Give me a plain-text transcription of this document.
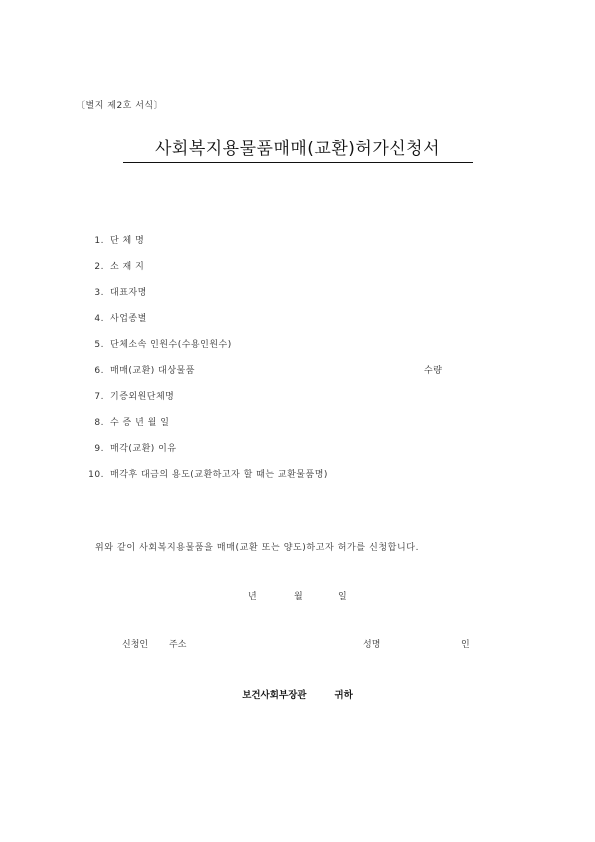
〔별지 제2호 서식〕
사회복지용물품매매(교환)허가신청서
1. 단 체 명
2. 소 재 지
3. 대표자명
4. 사업종별
5. 단체소속 인원수(수용인원수)
6. 매매(교환) 대상물품	수량
7. 기증외원단체명
8. 수 증 년 월 일
9. 매각(교환) 이유
10. 매각후 대금의 용도(교환하고자 할 때는 교환물품명)
위와 같이 사회복지용물품을 매매(교환 또는 양도)하고자 허가를 신청합니다.
년	월	일
신청인 주소	성명	인
보건사회부장관	귀하
